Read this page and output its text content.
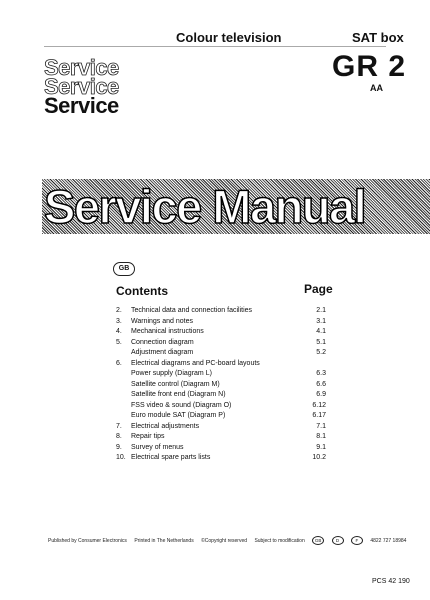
Colour television	SAT box
Service
Service
Service
GR 2
AA
Service Manual
GB
Contents	Page
2.	Technical data and connection facilities	2.1
3.	Warnings and notes	3.1
4.	Mechanical instructions	4.1
5.	Connection diagram	5.1
Adjustment diagram	5.2
6.	Electrical diagrams and PC-board layouts
Power supply (Diagram L)	6.3
Satellite control (Diagram M)	6.6
Satellite front end (Diagram N)	6.9
FSS video & sound (Diagram O)	6.12
Euro module SAT (Diagram P)	6.17
7.	Electrical adjustments	7.1
8.	Repair tips	8.1
9.	Survey of menus	9.1
10. Electrical spare parts lists	10.2
Published by Consumer Electronics Printed in The Netherlands ©Copyright reserved Subject to modification GB	D	F 4822 727 18984
PCS 42 190
